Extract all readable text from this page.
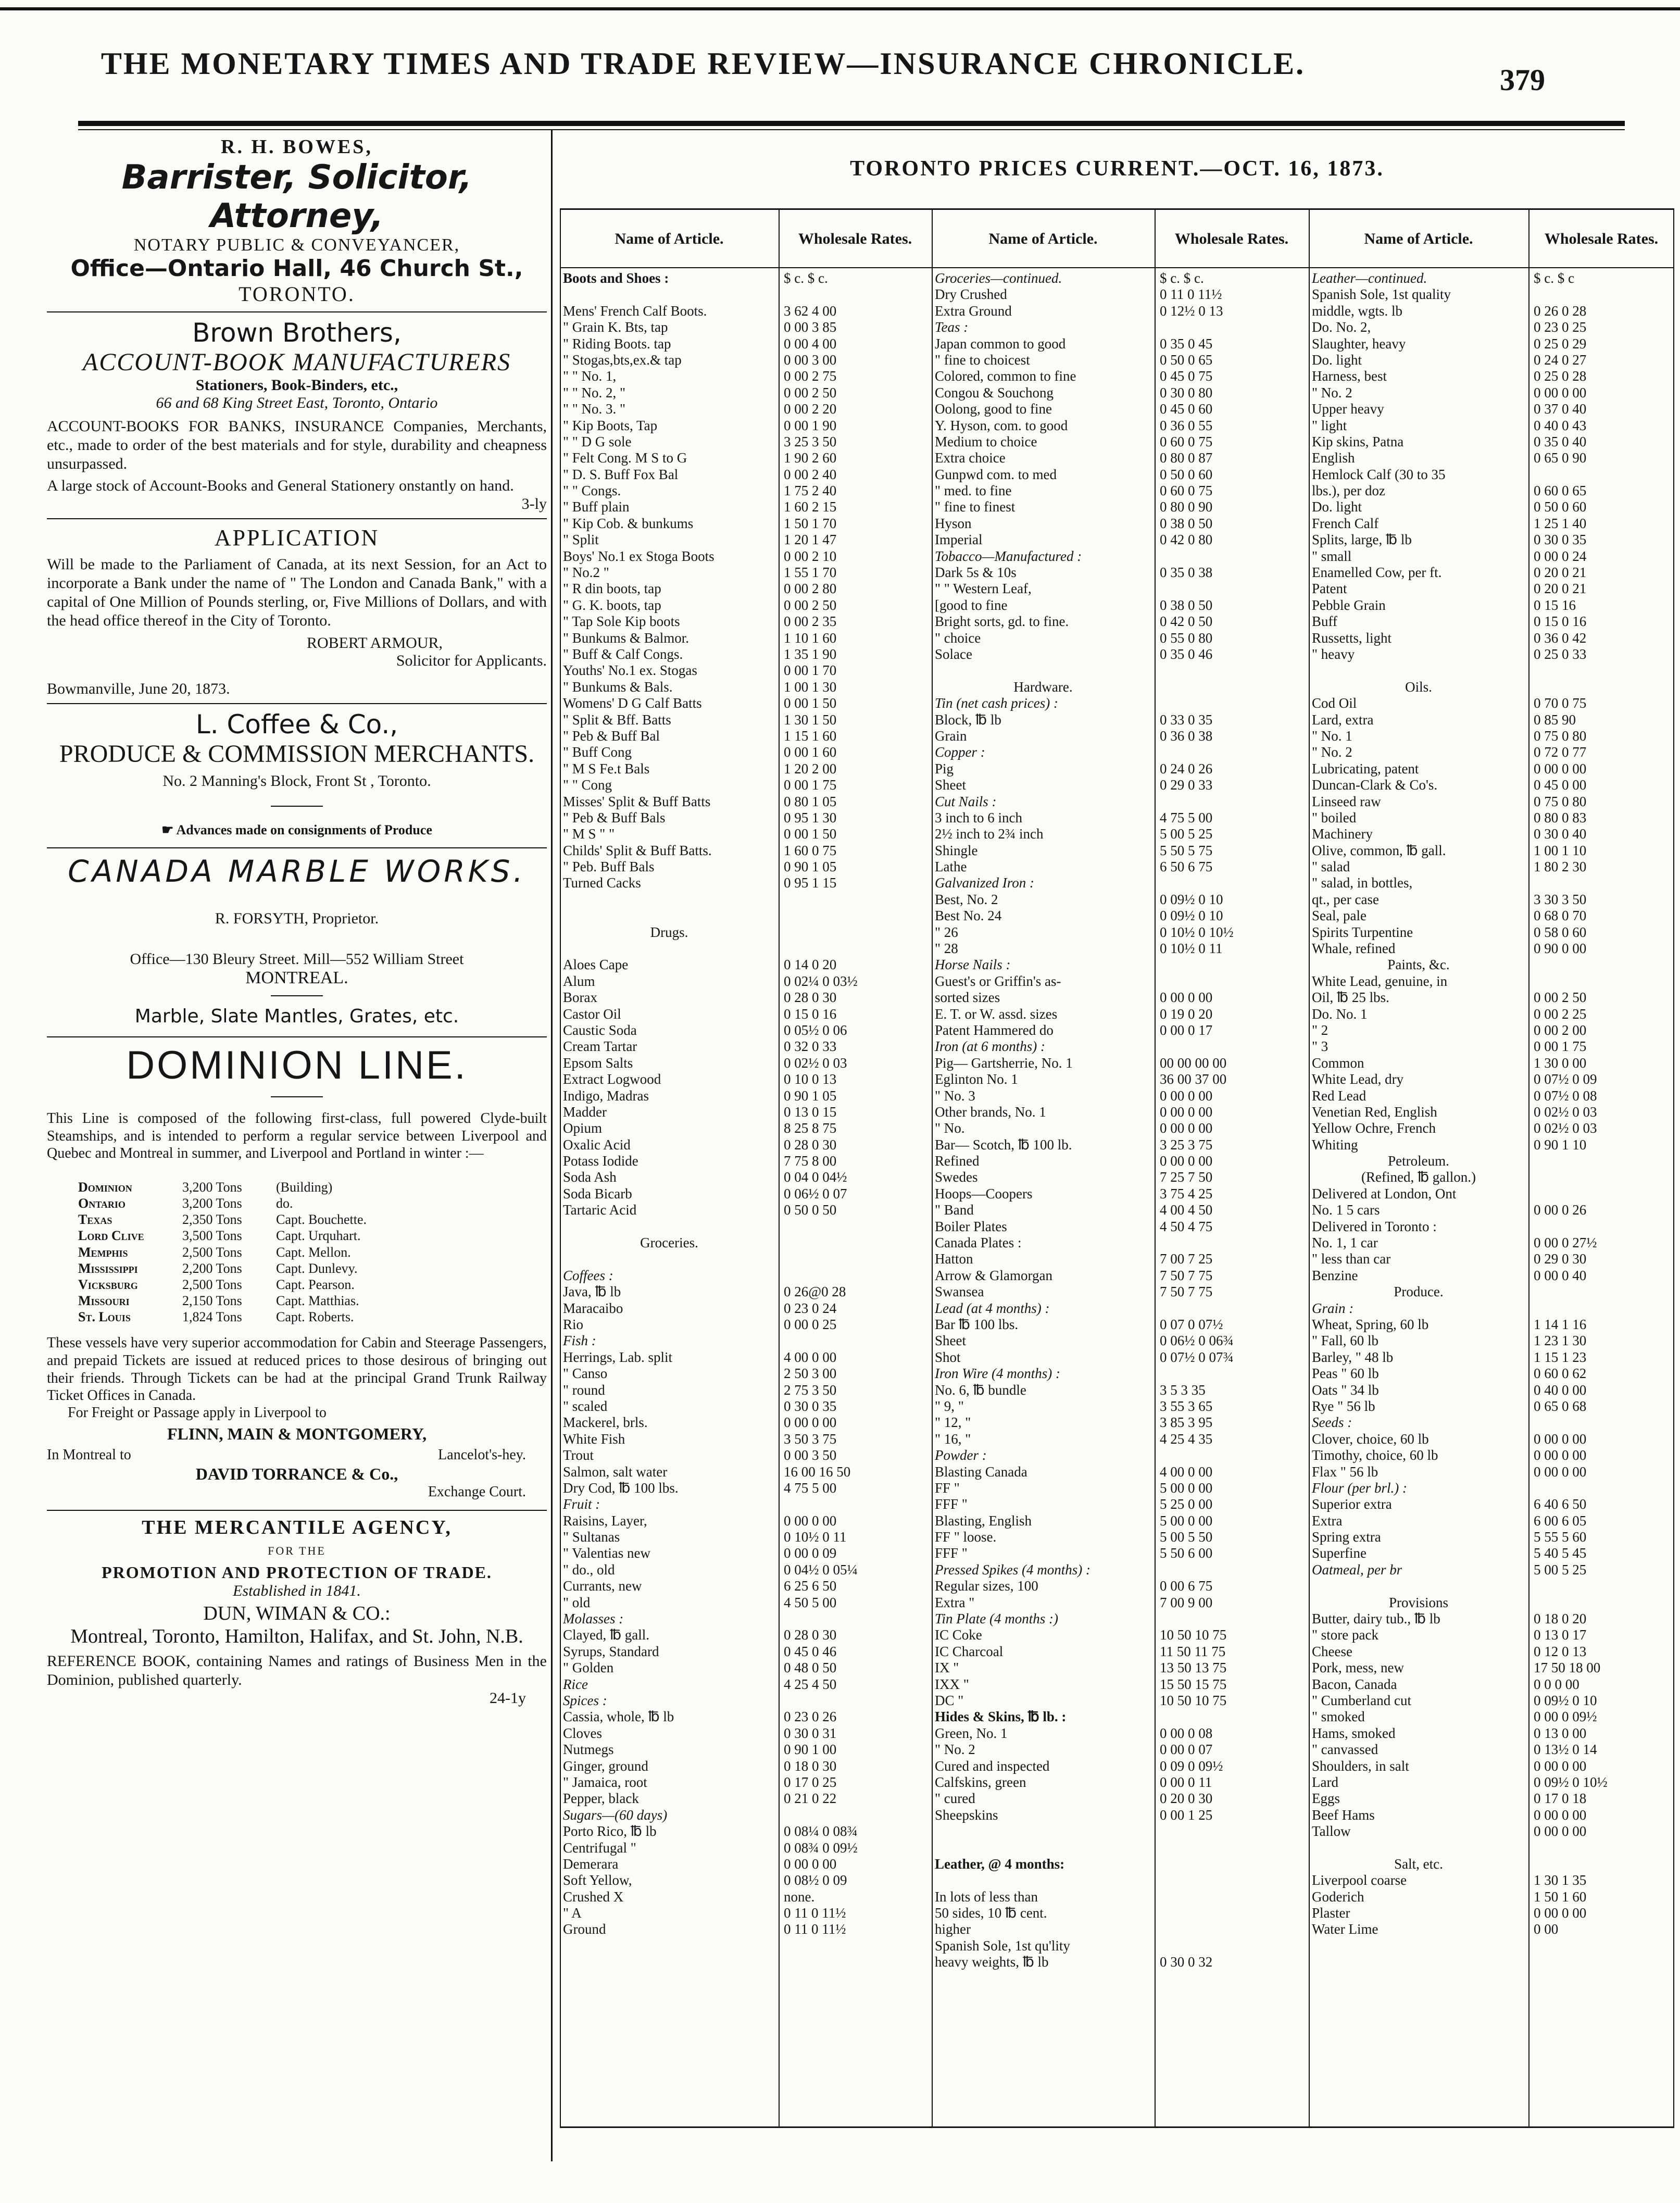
THE MONETARY TIMES AND TRADE REVIEW—INSURANCE CHRONICLE.	379
R. H. BOWES,
Barrister, Solicitor, Attorney,
NOTARY PUBLIC & CONVEYANCER,
Office—Ontario Hall, 46 Church St.,
TORONTO.
Brown Brothers,
ACCOUNT-BOOK MANUFACTURERS
Stationers, Book-Binders, etc.,
66 and 68 King Street East, Toronto, Ontario
ACCOUNT-BOOKS FOR BANKS, INSURANCE Companies, Merchants, etc., made to order of the best materials and for style, durability and cheapness unsurpassed.
A large stock of Account-Books and General Stationery onstantly on hand.
3-ly
APPLICATION
Will be made to the Parliament of Canada, at its next Session, for an Act to incorporate a Bank under the name of " The London and Canada Bank," with a capital of One Million of Pounds sterling, or, Five Millions of Dollars, and with the head office thereof in the City of Toronto.
ROBERT ARMOUR,
Solicitor for Applicants.
Bowmanville, June 20, 1873.
L. Coffee & Co.,
PRODUCE & COMMISSION MERCHANTS.
No. 2 Manning's Block, Front St , Toronto.
☛ Advances made on consignments of Produce
CANADA MARBLE WORKS.
R. FORSYTH, Proprietor.
Office—130 Bleury Street. Mill—552 William Street
MONTREAL.
Marble, Slate Mantles, Grates, etc.
DOMINION LINE.
This Line is composed of the following first-class, full powered Clyde-built Steamships, and is intended to perform a regular service between Liverpool and Quebec and Montreal in summer, and Liverpool and Portland in winter :—
Dominion	3,200 Tons	(Building)
Ontario	3,200 Tons	do.
Texas	2,350 Tons	Capt. Bouchette.
Lord Clive	3,500 Tons	Capt. Urquhart.
Memphis	2,500 Tons	Capt. Mellon.
Mississippi	2,200 Tons	Capt. Dunlevy.
Vicksburg	2,500 Tons	Capt. Pearson.
Missouri	2,150 Tons	Capt. Matthias.
St. Louis	1,824 Tons	Capt. Roberts.
These vessels have very superior accommodation for Cabin and Steerage Passengers, and prepaid Tickets are issued at reduced prices to those desirous of bringing out their friends. Through Tickets can be had at the principal Grand Trunk Railway Ticket Offices in Canada.
For Freight or Passage apply in Liverpool to
FLINN, MAIN & MONTGOMERY,
In Montreal to	Lancelot's-hey.
DAVID TORRANCE & Co.,
Exchange Court.
THE MERCANTILE AGENCY,
FOR THE
PROMOTION AND PROTECTION OF TRADE.
Established in 1841.
DUN, WIMAN & CO.:
Montreal, Toronto, Hamilton, Halifax, and St. John, N.B.
REFERENCE BOOK, containing Names and ratings of Business Men in the Dominion, published quarterly.
24-1y
TORONTO PRICES CURRENT.—OCT. 16, 1873.
Name of Article.	Wholesale Rates.	Name of Article.	Wholesale Rates.	Name of Article.	Wholesale Rates.
Boots and Shoes :	$ c. $ c.
Mens' French Calf Boots.	3 62 4 00
" Grain K. Bts, tap	0 00 3 85
" Riding Boots. tap	0 00 4 00
" Stogas,bts,ex.& tap	0 00 3 00
" " No. 1,	0 00 2 75
" " No. 2, "	0 00 2 50
" " No. 3. "	0 00 2 20
" Kip Boots, Tap	0 00 1 90
" " D G sole	3 25 3 50
" Felt Cong. M S to G	1 90 2 60
" D. S. Buff Fox Bal	0 00 2 40
" " Congs.	1 75 2 40
" Buff plain	1 60 2 15
" Kip Cob. & bunkums	1 50 1 70
" Split	1 20 1 47
Boys' No.1 ex Stoga Boots	0 00 2 10
" No.2 "	1 55 1 70
" R din boots, tap	0 00 2 80
" G. K. boots, tap	0 00 2 50
" Tap Sole Kip boots	0 00 2 35
" Bunkums & Balmor.	1 10 1 60
" Buff & Calf Congs.	1 35 1 90
Youths' No.1 ex. Stogas	0 00 1 70
" Bunkums & Bals.	1 00 1 30
Womens' D G Calf Batts	0 00 1 50
" Split & Bff. Batts	1 30 1 50
" Peb & Buff Bal	1 15 1 60
" Buff Cong	0 00 1 60
" M S Fe.t Bals	1 20 2 00
" " Cong	0 00 1 75
Misses' Split & Buff Batts	0 80 1 05
" Peb & Buff Bals	0 95 1 30
" M S " "	0 00 1 50
Childs' Split & Buff Batts.	1 60 0 75
" Peb. Buff Bals	0 90 1 05
Turned Cacks	0 95 1 15
Drugs.
Aloes Cape	0 14 0 20
Alum	0 02¼ 0 03½
Borax	0 28 0 30
Castor Oil	0 15 0 16
Caustic Soda	0 05½ 0 06
Cream Tartar	0 32 0 33
Epsom Salts	0 02½ 0 03
Extract Logwood	0 10 0 13
Indigo, Madras	0 90 1 05
Madder	0 13 0 15
Opium	8 25 8 75
Oxalic Acid	0 28 0 30
Potass Iodide	7 75 8 00
Soda Ash	0 04 0 04½
Soda Bicarb	0 06½ 0 07
Tartaric Acid	0 50 0 50
Groceries.
Coffees :
Java, ℔ lb	0 26@0 28
Maracaibo	0 23 0 24
Rio	0 00 0 25
Fish :
Herrings, Lab. split	4 00 0 00
" Canso	2 50 3 00
" round	2 75 3 50
" scaled	0 30 0 35
Mackerel, brls.	0 00 0 00
White Fish	3 50 3 75
Trout	0 00 3 50
Salmon, salt water	16 00 16 50
Dry Cod, ℔ 100 lbs.	4 75 5 00
Fruit :
Raisins, Layer,	0 00 0 00
" Sultanas	0 10½ 0 11
" Valentias new	0 00 0 09
" do., old	0 04½ 0 05¼
Currants, new	6 25 6 50
" old	4 50 5 00
Molasses :
Clayed, ℔ gall.	0 28 0 30
Syrups, Standard	0 45 0 46
" Golden	0 48 0 50
Rice	4 25 4 50
Spices :
Cassia, whole, ℔ lb	0 23 0 26
Cloves	0 30 0 31
Nutmegs	0 90 1 00
Ginger, ground	0 18 0 30
" Jamaica, root	0 17 0 25
Pepper, black	0 21 0 22
Sugars—(60 days)
Porto Rico, ℔ lb	0 08¼ 0 08¾
Centrifugal "	0 08¾ 0 09½
Demerara	0 00 0 00
Soft Yellow,	0 08½ 0 09
Crushed X	none.
" A	0 11 0 11½
Ground	0 11 0 11½
Groceries—continued.	$ c. $ c.
Dry Crushed	0 11 0 11½
Extra Ground	0 12½ 0 13
Teas :
Japan common to good	0 35 0 45
" fine to choicest	0 50 0 65
Colored, common to fine	0 45 0 75
Congou & Souchong	0 30 0 80
Oolong, good to fine	0 45 0 60
Y. Hyson, com. to good	0 36 0 55
Medium to choice	0 60 0 75
Extra choice	0 80 0 87
Gunpwd com. to med	0 50 0 60
" med. to fine	0 60 0 75
" fine to finest	0 80 0 90
Hyson	0 38 0 50
Imperial	0 42 0 80
Tobacco—Manufactured :
Dark 5s & 10s	0 35 0 38
" " Western Leaf,
[good to fine	0 38 0 50
Bright sorts, gd. to fine.	0 42 0 50
" choice	0 55 0 80
Solace	0 35 0 46
Hardware.
Tin (net cash prices) :
Block, ℔ lb	0 33 0 35
Grain	0 36 0 38
Copper :
Pig	0 24 0 26
Sheet	0 29 0 33
Cut Nails :
3 inch to 6 inch	4 75 5 00
2½ inch to 2¾ inch	5 00 5 25
Shingle	5 50 5 75
Lathe	6 50 6 75
Galvanized Iron :
Best, No. 2	0 09½ 0 10
Best No. 24	0 09½ 0 10
" 26	0 10½ 0 10½
" 28	0 10½ 0 11
Horse Nails :
Guest's or Griffin's as-
sorted sizes	0 00 0 00
E. T. or W. assd. sizes	0 19 0 20
Patent Hammered do	0 00 0 17
Iron (at 6 months) :
Pig— Gartsherrie, No. 1	00 00 00 00
Eglinton No. 1	36 00 37 00
" No. 3	0 00 0 00
Other brands, No. 1	0 00 0 00
" No.	0 00 0 00
Bar— Scotch, ℔ 100 lb.	3 25 3 75
Refined	0 00 0 00
Swedes	7 25 7 50
Hoops—Coopers	3 75 4 25
" Band	4 00 4 50
Boiler Plates	4 50 4 75
Canada Plates :
Hatton	7 00 7 25
Arrow & Glamorgan	7 50 7 75
Swansea	7 50 7 75
Lead (at 4 months) :
Bar ℔ 100 lbs.	0 07 0 07½
Sheet	0 06½ 0 06¾
Shot	0 07½ 0 07¾
Iron Wire (4 months) :
No. 6, ℔ bundle	3 5 3 35
" 9, "	3 55 3 65
" 12, "	3 85 3 95
" 16, "	4 25 4 35
Powder :
Blasting Canada	4 00 0 00
FF "	5 00 0 00
FFF "	5 25 0 00
Blasting, English	5 00 0 00
FF " loose.	5 00 5 50
FFF "	5 50 6 00
Pressed Spikes (4 months) :
Regular sizes, 100	0 00 6 75
Extra "	7 00 9 00
Tin Plate (4 months :)
IC Coke	10 50 10 75
IC Charcoal	11 50 11 75
IX "	13 50 13 75
IXX "	15 50 15 75
DC "	10 50 10 75
Hides & Skins, ℔ lb. :
Green, No. 1	0 00 0 08
" No. 2	0 00 0 07
Cured and inspected	0 09 0 09½
Calfskins, green	0 00 0 11
" cured	0 20 0 30
Sheepskins	0 00 1 25
Leather, @ 4 months:
In lots of less than
50 sides, 10 ℔ cent.
higher
Spanish Sole, 1st qu'lity
heavy weights, ℔ lb	0 30 0 32
Leather—continued.	$ c. $ c
Spanish Sole, 1st quality
middle, wgts. lb	0 26 0 28
Do. No. 2,	0 23 0 25
Slaughter, heavy	0 25 0 29
Do. light	0 24 0 27
Harness, best	0 25 0 28
" No. 2	0 00 0 00
Upper heavy	0 37 0 40
" light	0 40 0 43
Kip skins, Patna	0 35 0 40
English	0 65 0 90
Hemlock Calf (30 to 35
lbs.), per doz	0 60 0 65
Do. light	0 50 0 60
French Calf	1 25 1 40
Splits, large, ℔ lb	0 30 0 35
" small	0 00 0 24
Enamelled Cow, per ft.	0 20 0 21
Patent	0 20 0 21
Pebble Grain	0 15 16
Buff	0 15 0 16
Russetts, light	0 36 0 42
" heavy	0 25 0 33
Oils.
Cod Oil	0 70 0 75
Lard, extra	0 85 90
" No. 1	0 75 0 80
" No. 2	0 72 0 77
Lubricating, patent	0 00 0 00
Duncan-Clark & Co's.	0 45 0 00
Linseed raw	0 75 0 80
" boiled	0 80 0 83
Machinery	0 30 0 40
Olive, common, ℔ gall.	1 00 1 10
" salad	1 80 2 30
" salad, in bottles,
qt., per case	3 30 3 50
Seal, pale	0 68 0 70
Spirits Turpentine	0 58 0 60
Whale, refined	0 90 0 00
Paints, &c.
White Lead, genuine, in
Oil, ℔ 25 lbs.	0 00 2 50
Do. No. 1	0 00 2 25
" 2	0 00 2 00
" 3	0 00 1 75
Common	1 30 0 00
White Lead, dry	0 07½ 0 09
Red Lead	0 07½ 0 08
Venetian Red, English	0 02½ 0 03
Yellow Ochre, French	0 02½ 0 03
Whiting	0 90 1 10
Petroleum.
(Refined, ℔ gallon.)
Delivered at London, Ont
No. 1 5 cars	0 00 0 26
Delivered in Toronto :
No. 1, 1 car	0 00 0 27½
" less than car	0 29 0 30
Benzine	0 00 0 40
Produce.
Grain :
Wheat, Spring, 60 lb	1 14 1 16
" Fall, 60 lb	1 23 1 30
Barley, " 48 lb	1 15 1 23
Peas " 60 lb	0 60 0 62
Oats " 34 lb	0 40 0 00
Rye " 56 lb	0 65 0 68
Seeds :
Clover, choice, 60 lb	0 00 0 00
Timothy, choice, 60 lb	0 00 0 00
Flax " 56 lb	0 00 0 00
Flour (per brl.) :
Superior extra	6 40 6 50
Extra	6 00 6 05
Spring extra	5 55 5 60
Superfine	5 40 5 45
Oatmeal, per br	5 00 5 25
Provisions
Butter, dairy tub., ℔ lb	0 18 0 20
" store pack	0 13 0 17
Cheese	0 12 0 13
Pork, mess, new	17 50 18 00
Bacon, Canada	0 0 0 00
" Cumberland cut	0 09½ 0 10
" smoked	0 00 0 09½
Hams, smoked	0 13 0 00
" canvassed	0 13½ 0 14
Shoulders, in salt	0 00 0 00
Lard	0 09½ 0 10½
Eggs	0 17 0 18
Beef Hams	0 00 0 00
Tallow	0 00 0 00
Salt, etc.
Liverpool coarse	1 30 1 35
Goderich	1 50 1 60
Plaster	0 00 0 00
Water Lime	0 00
